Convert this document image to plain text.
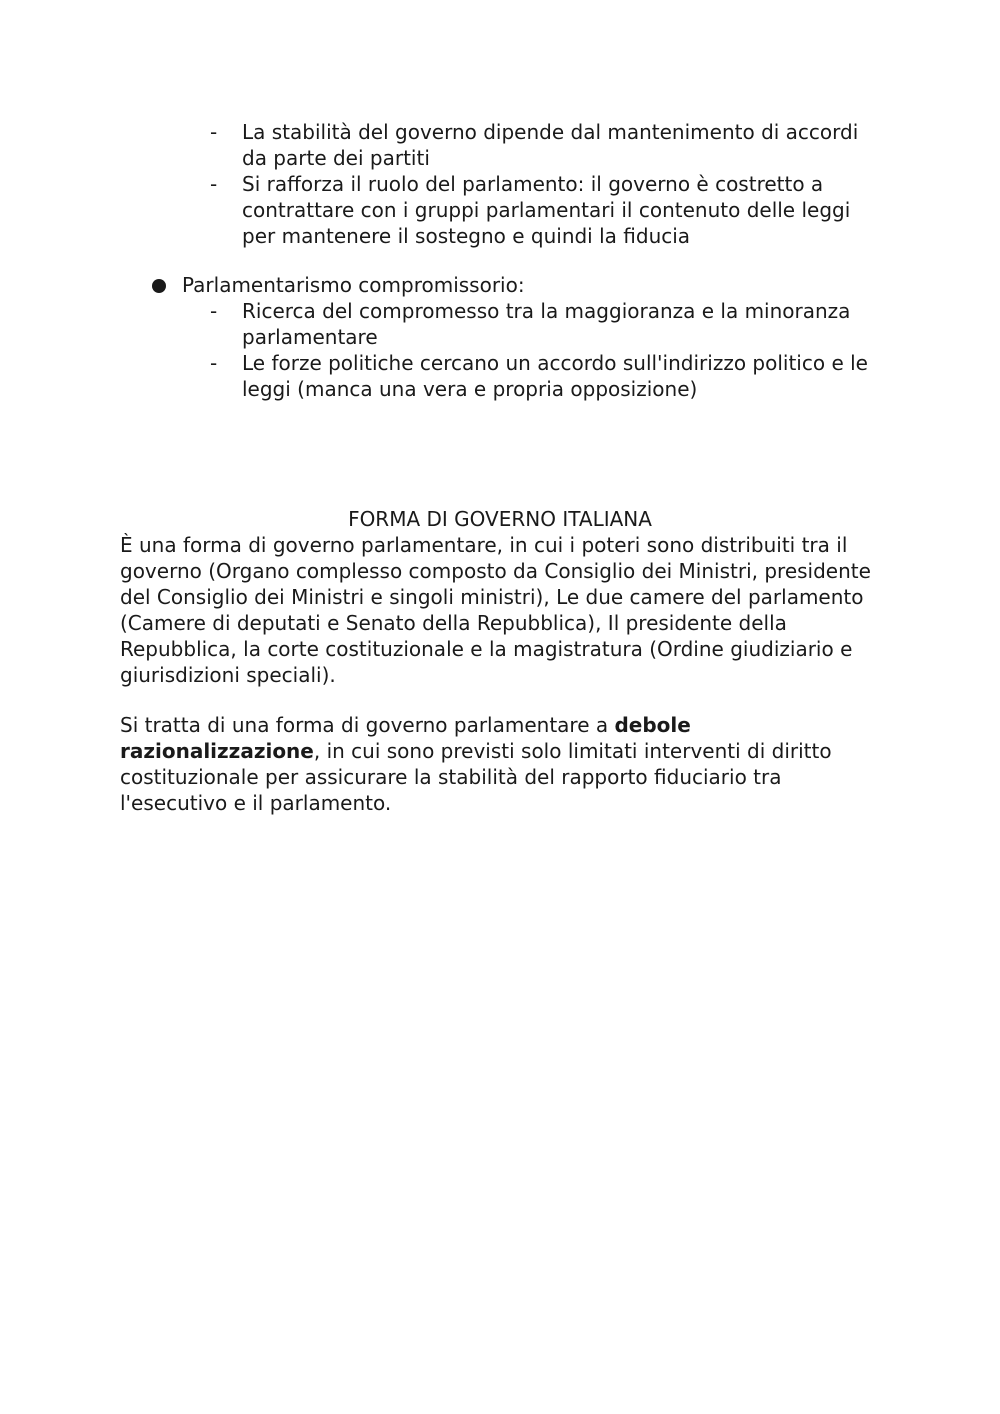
- La stabilità del governo dipende dal mantenimento di accordi da parte dei partiti
- Si rafforza il ruolo del parlamento: il governo è costretto a contrattare con i gruppi parlamentari il contenuto delle leggi per mantenere il sostegno e quindi la fiducia
Parlamentarismo compromissorio:
- Ricerca del compromesso tra la maggioranza e la minoranza parlamentare
- Le forze politiche cercano un accordo sull'indirizzo politico e le leggi (manca una vera e propria opposizione)
FORMA DI GOVERNO ITALIANA

È una forma di governo parlamentare, in cui i poteri sono distribuiti tra il governo (Organo complesso composto da Consiglio dei Ministri, presidente del Consiglio dei Ministri e singoli ministri), Le due camere del parlamento (Camere di deputati e Senato della Repubblica), Il presidente della Repubblica, la corte costituzionale e la magistratura (Ordine giudiziario e giurisdizioni speciali).

Si tratta di una forma di governo parlamentare a debole razionalizzazione, in cui sono previsti solo limitati interventi di diritto costituzionale per assicurare la stabilità del rapporto fiduciario tra l'esecutivo e il parlamento.
